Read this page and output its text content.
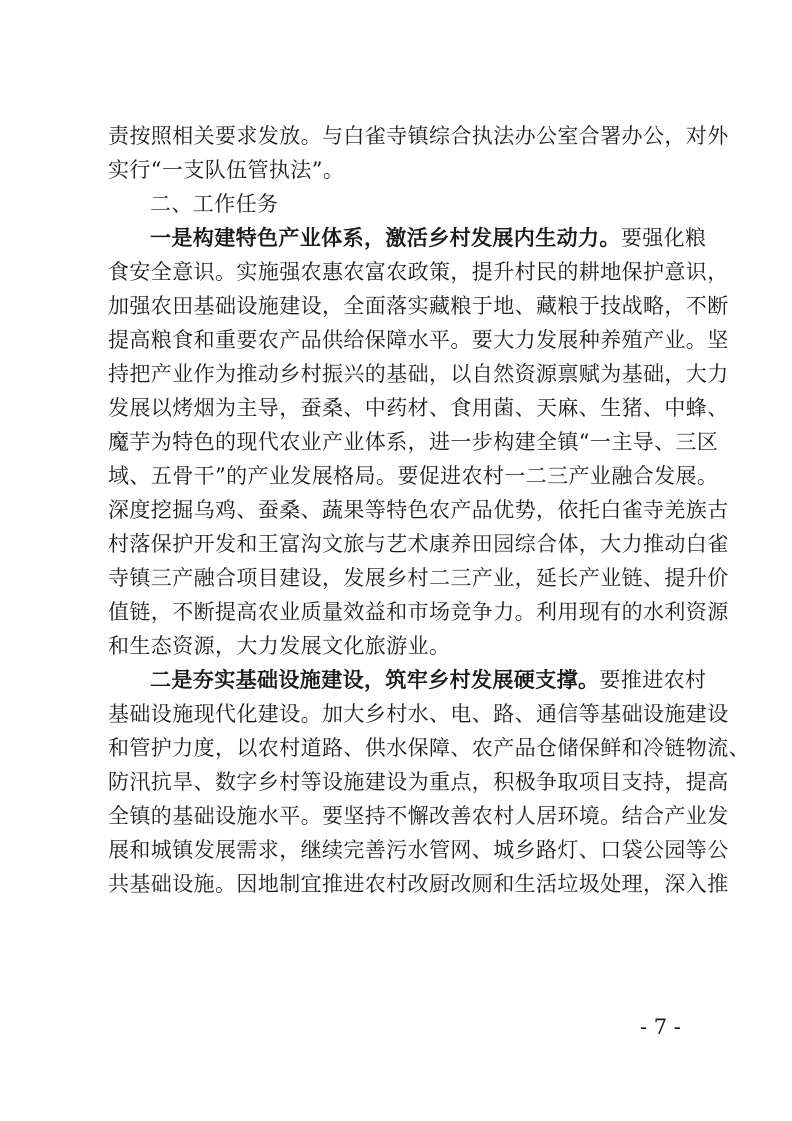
责按照相关要求发放。与白雀寺镇综合执法办公室合署办公，对外
实行“一支队伍管执法”。
二、工作任务
一是构建特色产业体系，激活乡村发展内生动力。要强化粮
食安全意识。实施强农惠农富农政策，提升村民的耕地保护意识，
加强农田基础设施建设，全面落实藏粮于地、藏粮于技战略，不断
提高粮食和重要农产品供给保障水平。要大力发展种养殖产业。坚
持把产业作为推动乡村振兴的基础，以自然资源禀赋为基础，大力
发展以烤烟为主导，蚕桑、中药材、食用菌、天麻、生猪、中蜂、
魔芋为特色的现代农业产业体系，进一步构建全镇“一主导、三区
域、五骨干”的产业发展格局。要促进农村一二三产业融合发展。
深度挖掘乌鸡、蚕桑、蔬果等特色农产品优势，依托白雀寺羌族古
村落保护开发和王富沟文旅与艺术康养田园综合体，大力推动白雀
寺镇三产融合项目建设，发展乡村二三产业，延长产业链、提升价
值链，不断提高农业质量效益和市场竞争力。利用现有的水利资源
和生态资源，大力发展文化旅游业。
二是夯实基础设施建设，筑牢乡村发展硬支撑。要推进农村
基础设施现代化建设。加大乡村水、电、路、通信等基础设施建设
和管护力度，以农村道路、供水保障、农产品仓储保鲜和冷链物流、
防汛抗旱、数字乡村等设施建设为重点，积极争取项目支持，提高
全镇的基础设施水平。要坚持不懈改善农村人居环境。结合产业发
展和城镇发展需求，继续完善污水管网、城乡路灯、口袋公园等公
共基础设施。因地制宜推进农村改厨改厕和生活垃圾处理，深入推
- 7 -
